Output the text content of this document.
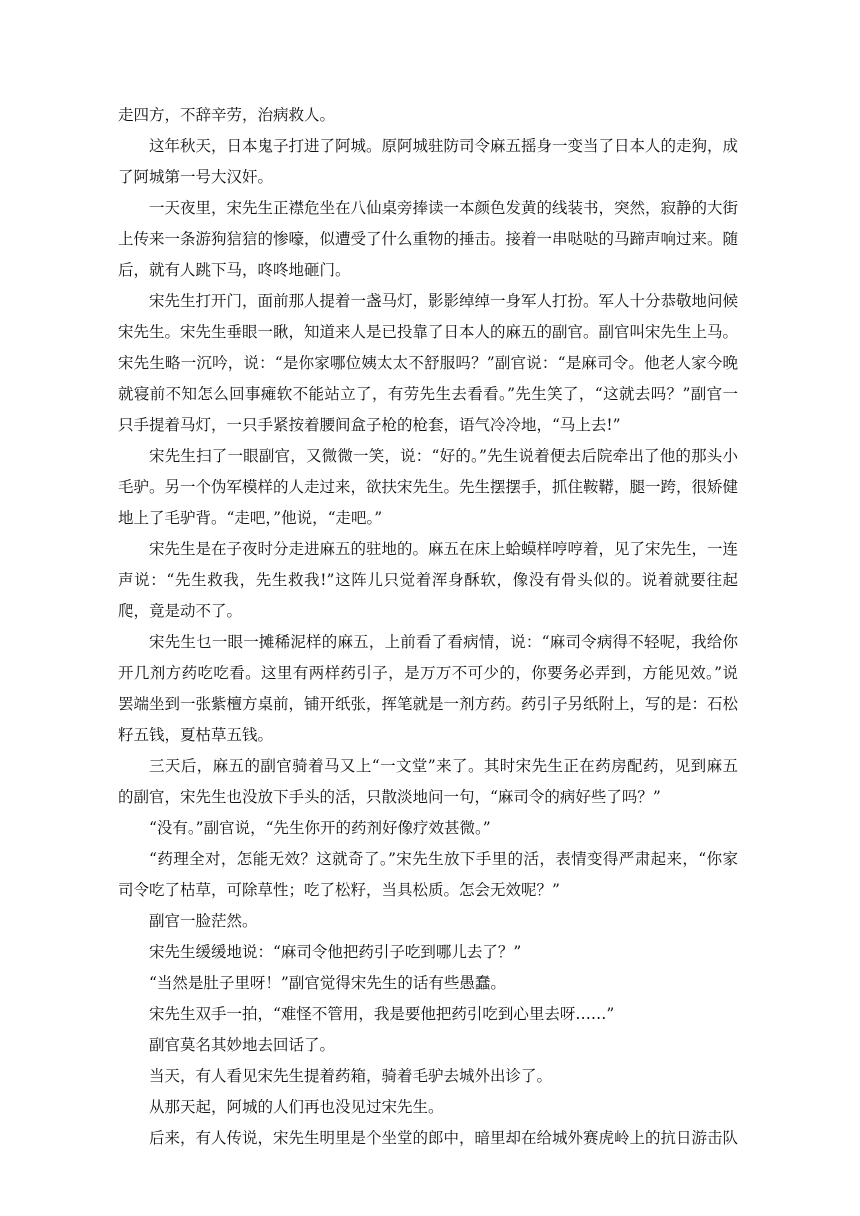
走四方，不辞辛劳，治病救人。

这年秋天，日本鬼子打进了阿城。原阿城驻防司令麻五摇身一变当了日本人的走狗，成了阿城第一号大汉奸。

一天夜里，宋先生正襟危坐在八仙桌旁捧读一本颜色发黄的线装书，突然，寂静的大街上传来一条游狗狺狺的惨嚎，似遭受了什么重物的捶击。接着一串哒哒的马蹄声响过来。随后，就有人跳下马，咚咚地砸门。

宋先生打开门，面前那人提着一盏马灯，影影绰绰一身军人打扮。军人十分恭敬地问候宋先生。宋先生垂眼一瞅，知道来人是已投靠了日本人的麻五的副官。副官叫宋先生上马。宋先生略一沉吟，说：“是你家哪位姨太太不舒服吗？”副官说：“是麻司令。他老人家今晚就寝前不知怎么回事瘫软不能站立了，有劳先生去看看。”先生笑了，“这就去吗？”副官一只手提着马灯，一只手紧按着腰间盒子枪的枪套，语气冷冷地，“马上去!”

宋先生扫了一眼副官，又微微一笑，说：“好的。”先生说着便去后院牵出了他的那头小毛驴。另一个伪军模样的人走过来，欲扶宋先生。先生摆摆手，抓住鞍鞯，腿一跨，很矫健地上了毛驴背。“走吧，”他说，“走吧。”

宋先生是在子夜时分走进麻五的驻地的。麻五在床上蛤蟆样哼哼着，见了宋先生，一连声说：“先生救我，先生救我!”这阵儿只觉着浑身酥软，像没有骨头似的。说着就要往起爬，竟是动不了。

宋先生乜一眼一摊稀泥样的麻五，上前看了看病情，说：“麻司令病得不轻呢，我给你开几剂方药吃吃看。这里有两样药引子，是万万不可少的，你要务必弄到，方能见效。”说罢端坐到一张紫檀方桌前，铺开纸张，挥笔就是一剂方药。药引子另纸附上，写的是：石松籽五钱，夏枯草五钱。

三天后，麻五的副官骑着马又上“一文堂”来了。其时宋先生正在药房配药，见到麻五的副官，宋先生也没放下手头的活，只散淡地问一句，“麻司令的病好些了吗？”

“没有。”副官说，“先生你开的药剂好像疗效甚微。”

“药理全对，怎能无效？这就奇了。”宋先生放下手里的活，表情变得严肃起来，“你家司令吃了枯草，可除草性；吃了松籽，当具松质。怎会无效呢？”

副官一脸茫然。

宋先生缓缓地说：“麻司令他把药引子吃到哪儿去了？”

“当然是肚子里呀！”副官觉得宋先生的话有些愚蠢。

宋先生双手一拍，“难怪不管用，我是要他把药引吃到心里去呀……”

副官莫名其妙地去回话了。

当天，有人看见宋先生提着药箱，骑着毛驴去城外出诊了。

从那天起，阿城的人们再也没见过宋先生。

后来，有人传说，宋先生明里是个坐堂的郎中，暗里却在给城外赛虎岭上的抗日游击队
